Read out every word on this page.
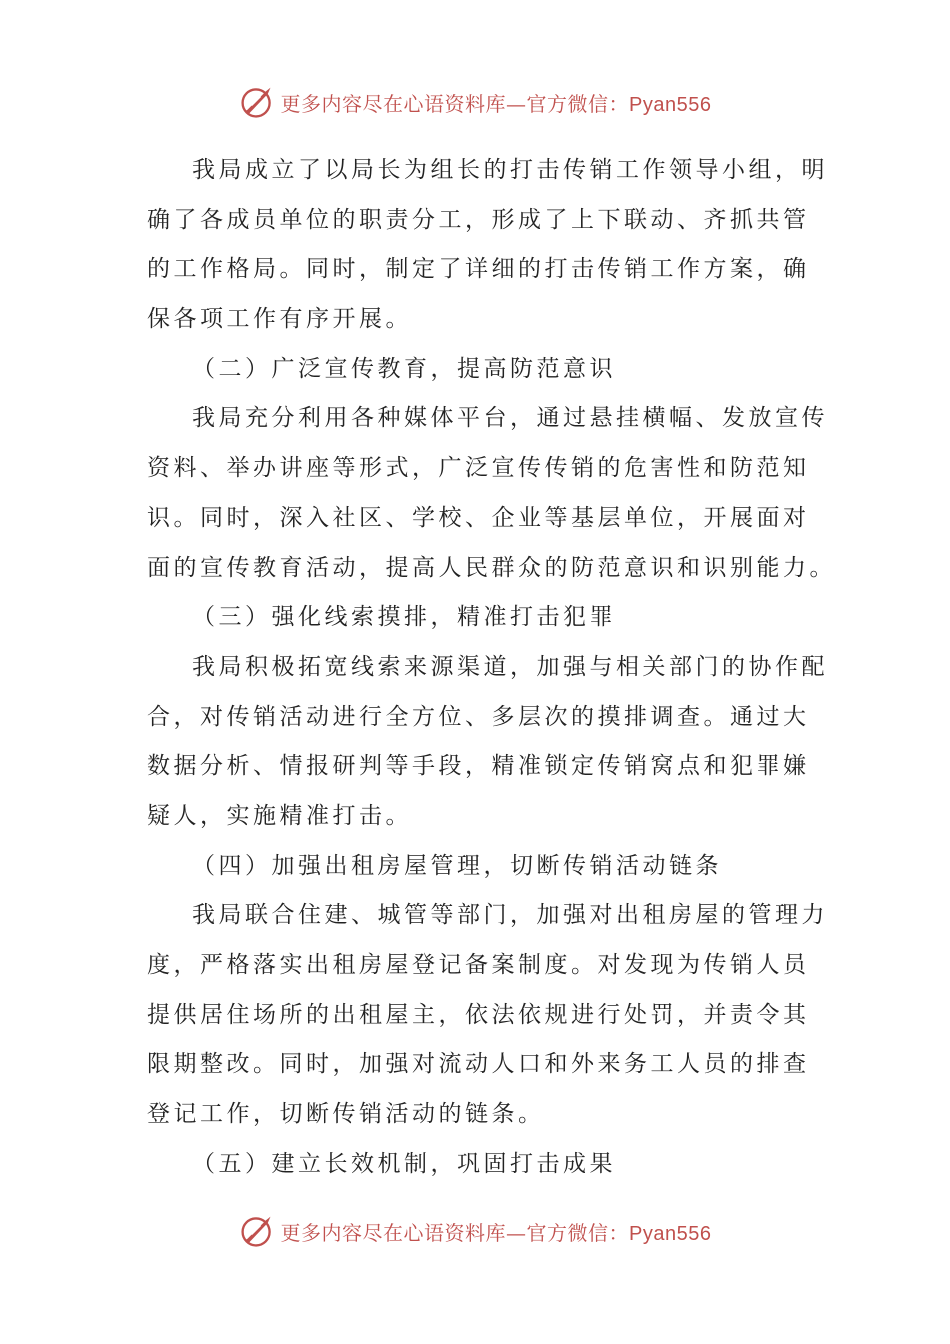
更多内容尽在心语资料库—官方微信：Pyan556
我局成立了以局长为组长的打击传销工作领导小组，明
确了各成员单位的职责分工，形成了上下联动、齐抓共管
的工作格局。同时，制定了详细的打击传销工作方案，确
保各项工作有序开展。
（二）广泛宣传教育，提高防范意识
我局充分利用各种媒体平台，通过悬挂横幅、发放宣传
资料、举办讲座等形式，广泛宣传传销的危害性和防范知
识。同时，深入社区、学校、企业等基层单位，开展面对
面的宣传教育活动，提高人民群众的防范意识和识别能力。
（三）强化线索摸排，精准打击犯罪
我局积极拓宽线索来源渠道，加强与相关部门的协作配
合，对传销活动进行全方位、多层次的摸排调查。通过大
数据分析、情报研判等手段，精准锁定传销窝点和犯罪嫌
疑人，实施精准打击。
（四）加强出租房屋管理，切断传销活动链条
我局联合住建、城管等部门，加强对出租房屋的管理力
度，严格落实出租房屋登记备案制度。对发现为传销人员
提供居住场所的出租屋主，依法依规进行处罚，并责令其
限期整改。同时，加强对流动人口和外来务工人员的排查
登记工作，切断传销活动的链条。
（五）建立长效机制，巩固打击成果
更多内容尽在心语资料库—官方微信：Pyan556
